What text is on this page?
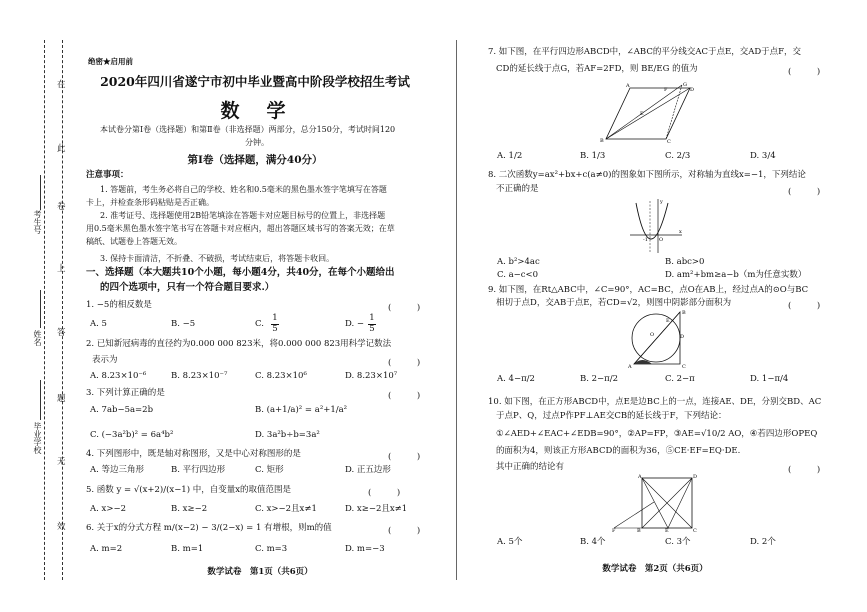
在
此
卷
上
答
题
无
效
考生号
姓名
毕业学校
绝密★启用前
2020年四川省遂宁市初中毕业暨高中阶段学校招生考试
数　学
本试卷分第Ⅰ卷（选择题）和第Ⅱ卷（非选择题）两部分，总分150分，考试时间120
分钟。
第Ⅰ卷（选择题，满分40分）
注意事项：
1. 答题前，考生务必将自己的学校、姓名和0.5毫米的黑色墨水签字笔填写在答题
卡上，并检查条形码粘贴是否正确。
2. 准考证号、选择题使用2B铅笔填涂在答题卡对应题目标号的位置上，非选择题
用0.5毫米黑色墨水签字笔书写在答题卡对应框内，超出答题区域书写的答案无效；在草
稿纸、试题卷上答题无效。
3. 保持卡面清洁，不折叠、不破损，考试结束后，将答题卡收回。
一、选择题（本大题共10个小题，每小题4分，共40分，在每个小题给出
的四个选项中，只有一个符合题目要求.）
1. −5的相反数是	(　　　)
A. 5	B. −5	C.
1
5	D. −
1
5
2. 已知新冠病毒的直径约为0.000 000 823米，将0.000 000 823用科学记数法
表示为	(　　　)
A. 8.23×10⁻⁶	B. 8.23×10⁻⁷	C. 8.23×10⁶	D. 8.23×10⁷
3. 下列计算正确的是	(　　　)
A. 7ab−5a=2b	B. (a+1/a)² = a²+1/a²
C. (−3a²b)² = 6a⁴b²	D. 3a²b÷b=3a²
4. 下列图形中，既是轴对称图形，又是中心对称图形的是	(　　　)
A. 等边三角形	B. 平行四边形	C. 矩形	D. 正五边形
5. 函数 y = √(x+2)/(x−1) 中，自变量x的取值范围是	(　　　)
A. x>−2	B. x≥−2	C. x>−2且x≠1	D. x≥−2且x≠1
6. 关于x的分式方程 m/(x−2) − 3/(2−x) = 1 有增根，则m的值	(　　　)
A. m=2	B. m=1	C. m=3	D. m=−3
数学试卷　第1页（共6页）
7. 如下图，在平行四边形ABCD中，∠ABC的平分线交AC于点E，交AD于点F，交
CD的延长线于点G，若AF=2FD，则 BE/EG 的值为	(　　　)
B	C
D
A	G
F
E
A. 1/2	B. 1/3	C. 2/3	D. 3/4
8. 二次函数y=ax²+bx+c(a≠0)的图象如下图所示，对称轴为直线x=−1，下列结论
不正确的是	(　　　)
-1 O
x
y
A. b²>4ac	B. abc>0
C. a−c<0	D. am²+bm≥a−b（m为任意实数）
9. 如下图，在Rt△ABC中，∠C=90°，AC=BC，点O在AB上，经过点A的⊙O与BC
相切于点D，交AB于点E，若CD=√2，则图中阴影部分面积为	(　　　)
A	C
B
O	D
E
A. 4−π/2	B. 2−π/2	C. 2−π	D. 1−π/4
10. 如下图，在正方形ABCD中，点E是边BC上的一点，连接AE、DE，分别交BD、AC
于点P、Q，过点P作PF⊥AE交CB的延长线于F，下列结论：
①∠AED+∠EAC+∠EDB=90°，②AP=FP，③AE=√10/2 AO，④若四边形OPEQ
的面积为4，则该正方形ABCD的面积为36，⑤CE·EF=EQ·DE.
其中正确的结论有	(　　　)
A	D
F	B	E	C
A. 5个	B. 4个	C. 3个	D. 2个
数学试卷　第2页（共6页）
